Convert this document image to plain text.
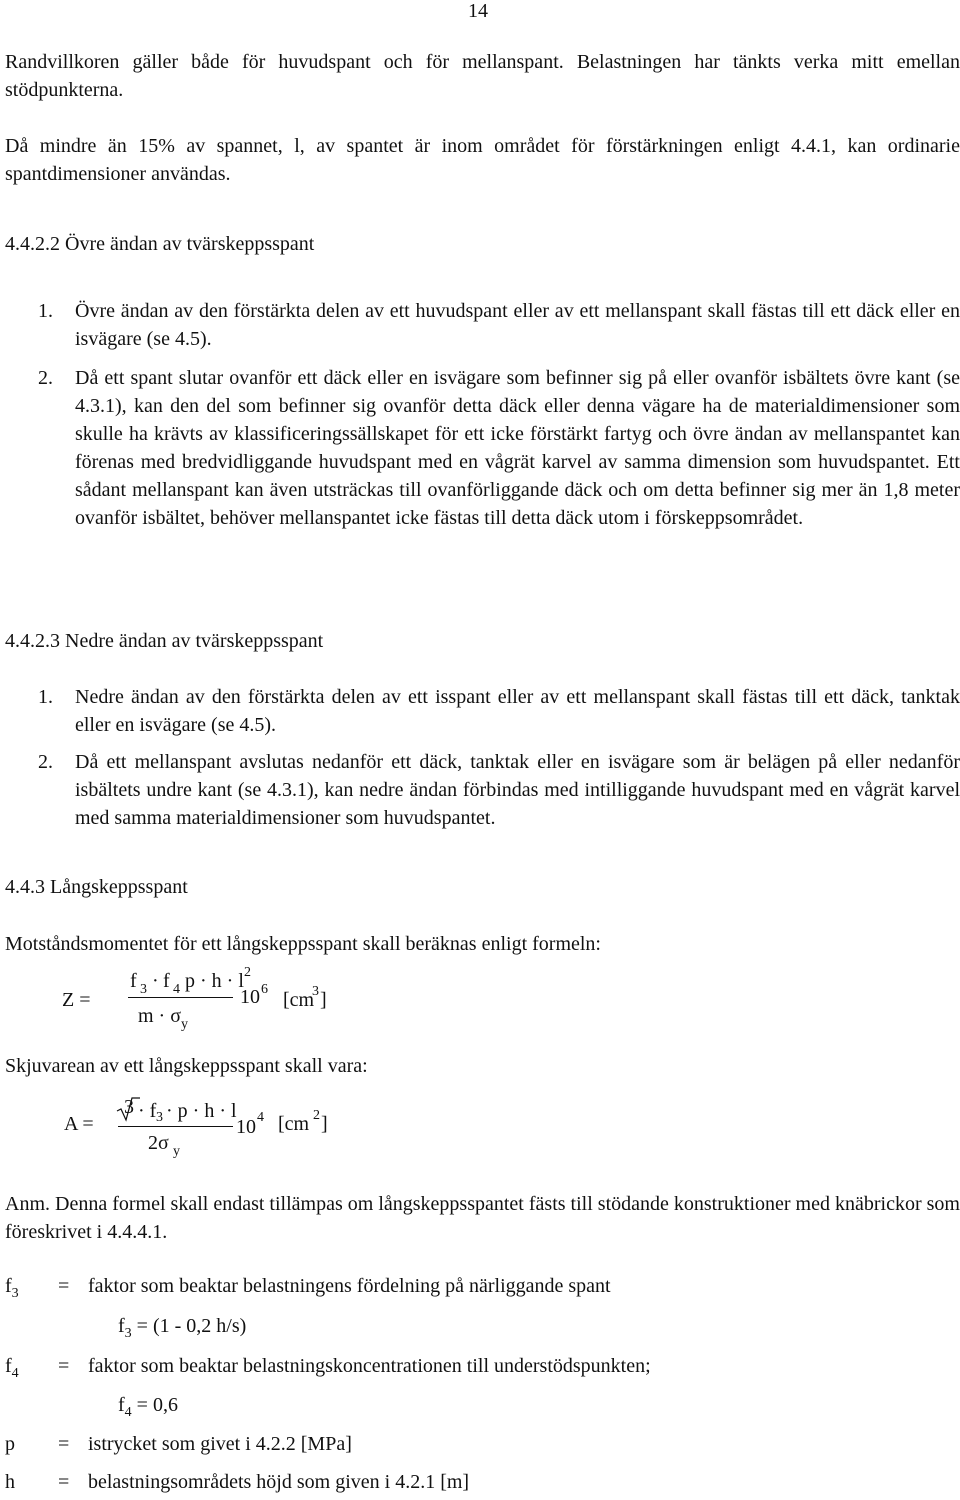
14
Randvillkoren gäller både för huvudspant och för mellanspant. Belastningen har tänkts verka mitt emellan stödpunkterna.
Då mindre än 15% av spannet, l, av spantet är inom området för förstärkningen enligt 4.4.1, kan ordinarie spantdimensioner användas.
4.4.2.2 Övre ändan av tvärskeppsspant
1. Övre ändan av den förstärkta delen av ett huvudspant eller av ett mellanspant skall fästas till ett däck eller en isvägare (se 4.5).
2. Då ett spant slutar ovanför ett däck eller en isvägare som befinner sig på eller ovanför isbältets övre kant (se 4.3.1), kan den del som befinner sig ovanför detta däck eller denna vägare ha de materialdimensioner som skulle ha krävts av klassificeringssällskapet för ett icke förstärkt fartyg och övre ändan av mellanspantet kan förenas med bredvidliggande huvudspant med en vågrät karvel av samma dimension som huvudspantet. Ett sådant mellanspant kan även utsträckas till ovanförliggande däck och om detta befinner sig mer än 1,8 meter ovanför isbältet, behöver mellanspantet icke fästas till detta däck utom i förskeppsområdet.
4.4.2.3 Nedre ändan av tvärskeppsspant
1. Nedre ändan av den förstärkta delen av ett isspant eller av ett mellanspant skall fästas till ett däck, tanktak eller en isvägare (se 4.5).
2. Då ett mellanspant avslutas nedanför ett däck, tanktak eller en isvägare som är belägen på eller nedanför isbältets undre kant (se 4.3.1), kan nedre ändan förbindas med intilliggande huvudspant med en vågrät karvel med samma materialdimensioner som huvudspantet.
4.4.3 Långskeppsspant
Motståndsmomentet för ett långskeppsspant skall beräknas enligt formeln:
Z =
f 3 · f 4 p · h · l 2
m · σ y
10 6 [cm
3 ]
Skjuvarean av ett långskeppsspant skall vara:
A =
3 · f 3 · p · h · l
2σ y
10 4 [cm 2 ]
Anm. Denna formel skall endast tillämpas om långskeppsspantet fästs till stödande konstruktioner med knäbrickor som föreskrivet i 4.4.4.1.
$f_3$ = faktor som beaktar belastningens fördelning på närliggande spant
$f_3 = (1 - 0,2$ h/s)
$f_4$ = faktor som beaktar belastningskoncentrationen till understödspunkten;
$f_4 = 0,6$
p = istrycket som givet i 4.2.2 [MPa]
h = belastningsområdets höjd som given i 4.2.1 [m]
